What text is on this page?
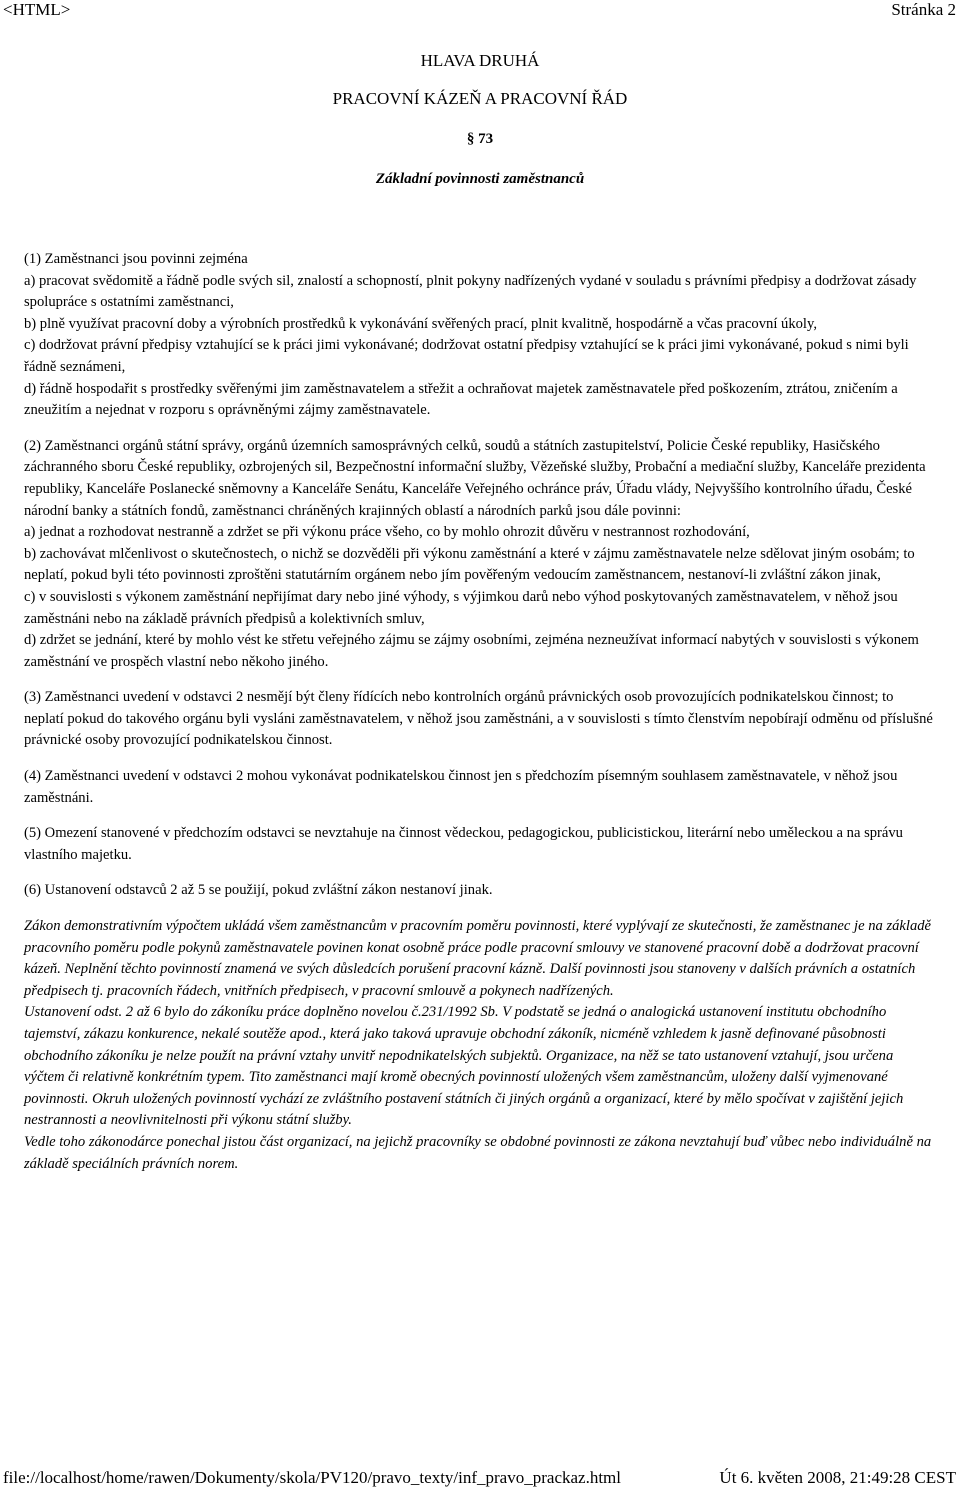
<HTML>	Stránka 2
HLAVA DRUHÁ
PRACOVNÍ KÁZEŇ A PRACOVNÍ ŘÁD
§ 73
Základní povinnosti zaměstnanců
(1) Zaměstnanci jsou povinni zejména
a) pracovat svědomitě a řádně podle svých sil, znalostí a schopností, plnit pokyny nadřízených vydané v souladu s právními předpisy a dodržovat zásady spolupráce s ostatními zaměstnanci,
b) plně využívat pracovní doby a výrobních prostředků k vykonávání svěřených prací, plnit kvalitně, hospodárně a včas pracovní úkoly,
c) dodržovat právní předpisy vztahující se k práci jimi vykonávané; dodržovat ostatní předpisy vztahující se k práci jimi vykonávané, pokud s nimi byli řádně seznámeni,
d) řádně hospodařit s prostředky svěřenými jim zaměstnavatelem a střežit a ochraňovat majetek zaměstnavatele před poškozením, ztrátou, zničením a zneužitím a nejednat v rozporu s oprávněnými zájmy zaměstnavatele.
(2) Zaměstnanci orgánů státní správy, orgánů územních samosprávných celků, soudů a státních zastupitelství, Policie České republiky, Hasičského záchranného sboru České republiky, ozbrojených sil, Bezpečnostní informační služby, Vězeňské služby, Probační a mediační služby, Kanceláře prezidenta republiky, Kanceláře Poslanecké sněmovny a Kanceláře Senátu, Kanceláře Veřejného ochránce práv, Úřadu vlády, Nejvyššího kontrolního úřadu, České národní banky a státních fondů, zaměstnanci chráněných krajinných oblastí a národních parků jsou dále povinni:
a) jednat a rozhodovat nestranně a zdržet se při výkonu práce všeho, co by mohlo ohrozit důvěru v nestrannost rozhodování,
b) zachovávat mlčenlivost o skutečnostech, o nichž se dozvěděli při výkonu zaměstnání a které v zájmu zaměstnavatele nelze sdělovat jiným osobám; to neplatí, pokud byli této povinnosti zproštěni statutárním orgánem nebo jím pověřeným vedoucím zaměstnancem, nestanoví-li zvláštní zákon jinak,
c) v souvislosti s výkonem zaměstnání nepřijímat dary nebo jiné výhody, s výjimkou darů nebo výhod poskytovaných zaměstnavatelem, v něhož jsou zaměstnáni nebo na základě právních předpisů a kolektivních smluv,
d) zdržet se jednání, které by mohlo vést ke střetu veřejného zájmu se zájmy osobními, zejména nezneužívat informací nabytých v souvislosti s výkonem zaměstnání ve prospěch vlastní nebo někoho jiného.
(3) Zaměstnanci uvedení v odstavci 2 nesmějí být členy řídících nebo kontrolních orgánů právnických osob provozujících podnikatelskou činnost; to neplatí pokud do takového orgánu byli vysláni zaměstnavatelem, v něhož jsou zaměstnáni, a v souvislosti s tímto členstvím nepobírají odměnu od příslušné právnické osoby provozující podnikatelskou činnost.
(4) Zaměstnanci uvedení v odstavci 2 mohou vykonávat podnikatelskou činnost jen s předchozím písemným souhlasem zaměstnavatele, v něhož jsou zaměstnáni.
(5) Omezení stanovené v předchozím odstavci se nevztahuje na činnost vědeckou, pedagogickou, publicistickou, literární nebo uměleckou a na správu vlastního majetku.
(6) Ustanovení odstavců 2 až 5 se použijí, pokud zvláštní zákon nestanoví jinak.
Zákon demonstrativním výpočtem ukládá všem zaměstnancům v pracovním poměru povinnosti, které vyplývají ze skutečnosti, že zaměstnanec je na základě pracovního poměru podle pokynů zaměstnavatele povinen konat osobně práce podle pracovní smlouvy ve stanovené pracovní době a dodržovat pracovní kázeň. Neplnění těchto povinností znamená ve svých důsledcích porušení pracovní kázně. Další povinnosti jsou stanoveny v dalších právních a ostatních předpisech tj. pracovních řádech, vnitřních předpisech, v pracovní smlouvě a pokynech nadřízených.
Ustanovení odst. 2 až 6 bylo do zákoníku práce doplněno novelou č.231/1992 Sb. V podstatě se jedná o analogická ustanovení institutu obchodního tajemství, zákazu konkurence, nekalé soutěže apod., která jako taková upravuje obchodní zákoník, nicméně vzhledem k jasně definované působnosti obchodního zákoníku je nelze použít na právní vztahy unvitř nepodnikatelských subjektů. Organizace, na něž se tato ustanovení vztahují, jsou určena výčtem či relativně konkrétním typem. Tito zaměstnanci mají kromě obecných povinností uložených všem zaměstnancům, uloženy další vyjmenované povinnosti. Okruh uložených povinností vychází ze zvláštního postavení státních či jiných orgánů a organizací, které by mělo spočívat v zajištění jejich nestrannosti a neovlivnitelnosti při výkonu státní služby.
Vedle toho zákonodárce ponechal jistou část organizací, na jejichž pracovníky se obdobné povinnosti ze zákona nevztahují buď vůbec nebo individuálně na základě speciálních právních norem.
file://localhost/home/rawen/Dokumenty/skola/PV120/pravo_texty/inf_pravo_prackaz.html	Út 6. květen 2008, 21:49:28 CEST
